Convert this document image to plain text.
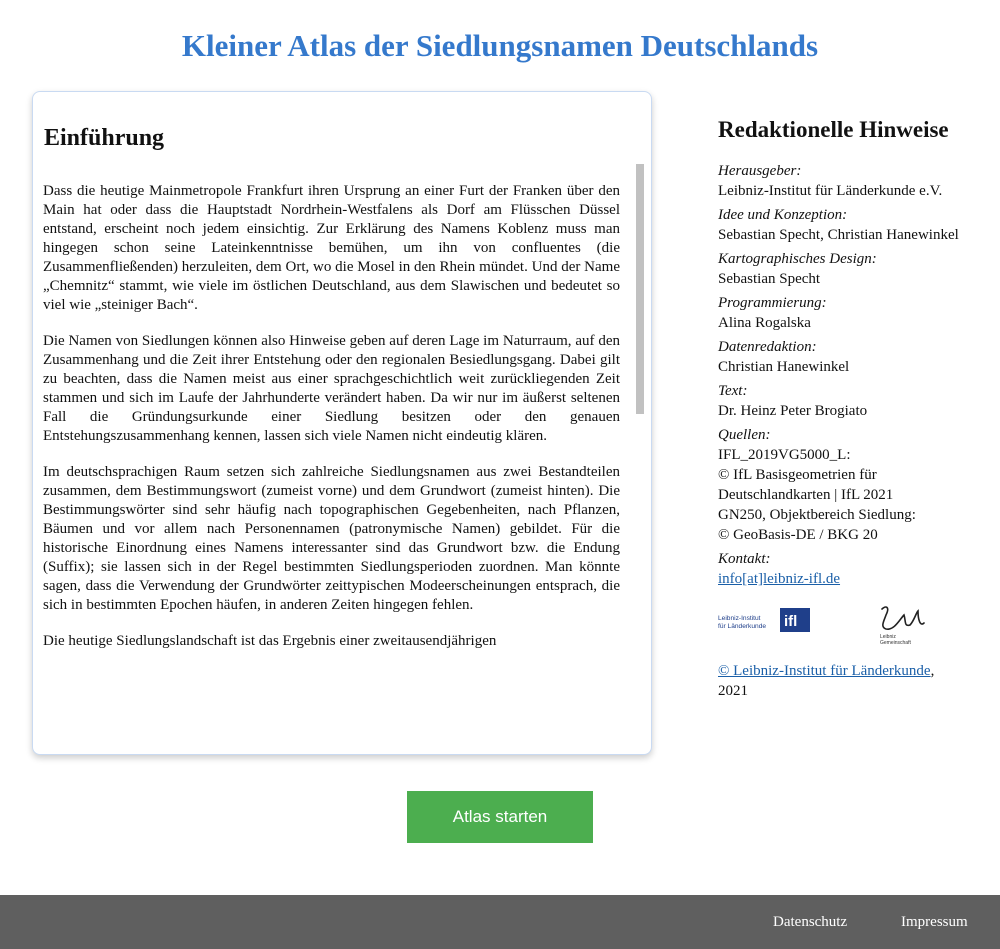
Kleiner Atlas der Siedlungsnamen Deutschlands
Einführung

Dass die heutige Mainmetropole Frankfurt ihren Ursprung an einer Furt der Franken über den Main hat oder dass die Hauptstadt Nordrhein-Westfalens als Dorf am Flüsschen Düssel entstand, erscheint noch jedem einsichtig. Zur Erklärung des Namens Koblenz muss man hingegen schon seine Lateinkenntnisse bemühen, um ihn von confluentes (die Zusammenfließenden) herzuleiten, dem Ort, wo die Mosel in den Rhein mündet. Und der Name „Chemnitz“ stammt, wie viele im östlichen Deutschland, aus dem Slawischen und bedeutet so viel wie „steiniger Bach“.

Die Namen von Siedlungen können also Hinweise geben auf deren Lage im Naturraum, auf den Zusammenhang und die Zeit ihrer Entstehung oder den regionalen Besiedlungsgang. Dabei gilt zu beachten, dass die Namen meist aus einer sprachgeschichtlich weit zurückliegenden Zeit stammen und sich im Laufe der Jahrhunderte verändert haben. Da wir nur im äußerst seltenen Fall die Gründungsurkunde einer Siedlung besitzen oder den genauen Entstehungszusammenhang kennen, lassen sich viele Namen nicht eindeutig klären.

Im deutschsprachigen Raum setzen sich zahlreiche Siedlungsnamen aus zwei Bestandteilen zusammen, dem Bestimmungswort (zumeist vorne) und dem Grundwort (zumeist hinten). Die Bestimmungswörter sind sehr häufig nach topographischen Gegebenheiten, nach Pflanzen, Bäumen und vor allem nach Personennamen (patronymische Namen) gebildet. Für die historische Einordnung eines Namens interessanter sind das Grundwort bzw. die Endung (Suffix); sie lassen sich in der Regel bestimmten Siedlungsperioden zuordnen. Man könnte sagen, dass die Verwendung der Grundwörter zeittypischen Modeerscheinungen entsprach, die sich in bestimmten Epochen häufen, in anderen Zeiten hingegen fehlen.

Die heutige Siedlungslandschaft ist das Ergebnis einer zweitausendjährigen

Redaktionelle Hinweise
Herausgeber:
Leibniz-Institut für Länderkunde e.V.
Idee und Konzeption:
Sebastian Specht, Christian Hanewinkel
Kartographisches Design:
Sebastian Specht
Programmierung:
Alina Rogalska
Datenredaktion:
Christian Hanewinkel
Text:
Dr. Heinz Peter Brogiato
Quellen:
IFL_2019VG5000_L:
© IfL Basisgeometrien für Deutschlandkarten | IfL 2021
GN250, Objektbereich Siedlung:
© GeoBasis-DE / BKG 20
Kontakt:
info[at]leibniz-ifl.de
Leibniz-Institut
für Länderkunde ifl
Leibniz
Gemeinschaft
© Leibniz-Institut für Länderkunde, 2021
Atlas starten
Datenschutz	Impressum
